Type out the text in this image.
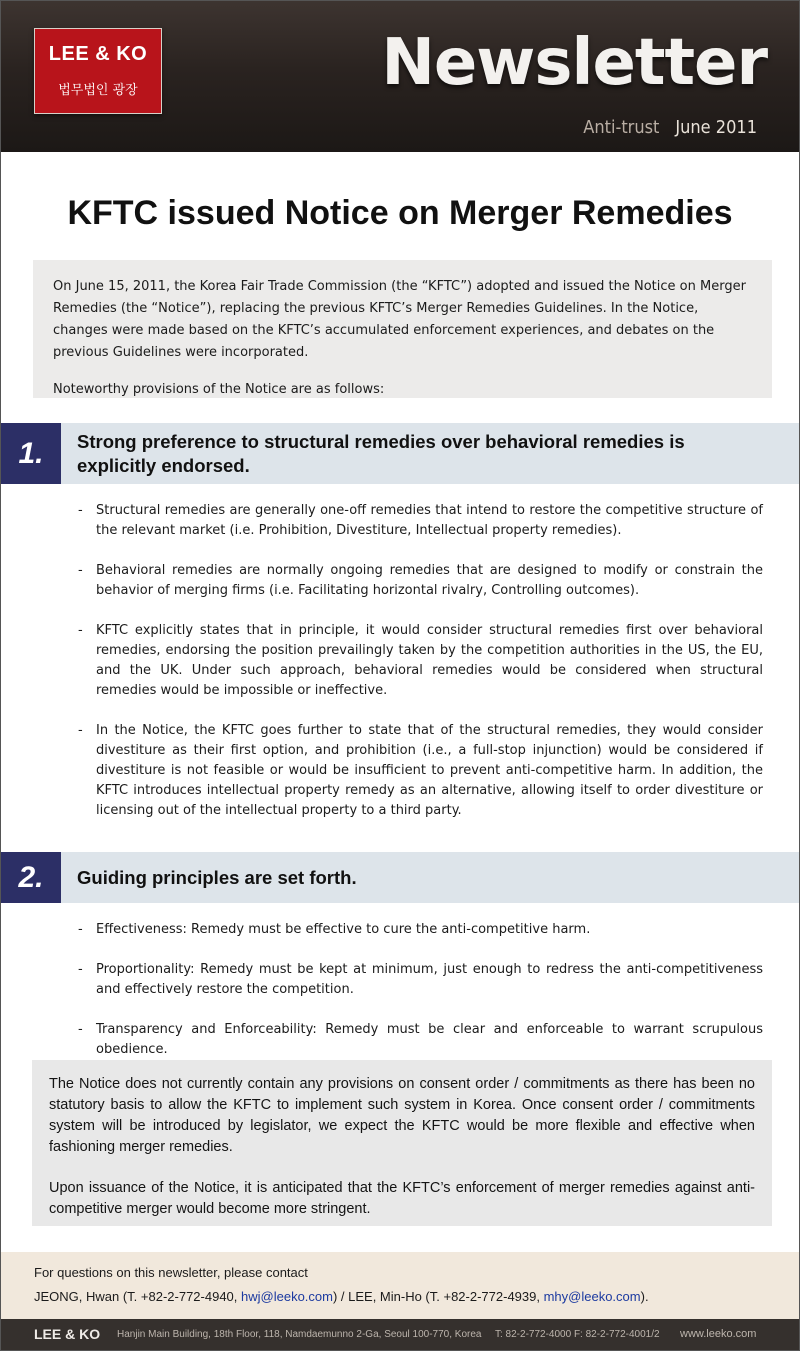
LEE & KO
법무법인 광장	Newsletter
Anti-trust June 2011
KFTC issued Notice on Merger Remedies

On June 15, 2011, the Korea Fair Trade Commission (the “KFTC”) adopted and issued the Notice on Merger Remedies (the “Notice”), replacing the previous KFTC’s Merger Remedies Guidelines. In the Notice, changes were made based on the KFTC’s accumulated enforcement experiences, and debates on the previous Guidelines were incorporated.

Noteworthy provisions of the Notice are as follows:

1.	Strong preference to structural remedies over behavioral remedies is explicitly endorsed.
- Structural remedies are generally one-off remedies that intend to restore the competitive structure of the relevant market (i.e. Prohibition, Divestiture, Intellectual property remedies).
- Behavioral remedies are normally ongoing remedies that are designed to modify or constrain the behavior of merging firms (i.e. Facilitating horizontal rivalry, Controlling outcomes).
- KFTC explicitly states that in principle, it would consider structural remedies first over behavioral remedies, endorsing the position prevailingly taken by the competition authorities in the US, the EU, and the UK. Under such approach, behavioral remedies would be considered when structural remedies would be impossible or ineffective.
- In the Notice, the KFTC goes further to state that of the structural remedies, they would consider divestiture as their first option, and prohibition (i.e., a full-stop injunction) would be considered if divestiture is not feasible or would be insufficient to prevent anti-competitive harm. In addition, the KFTC introduces intellectual property remedy as an alternative, allowing itself to order divestiture or licensing out of the intellectual property to a third party.
2.	Guiding principles are set forth.
- Effectiveness: Remedy must be effective to cure the anti-competitive harm.
- Proportionality: Remedy must be kept at minimum, just enough to redress the anti-competitiveness and effectively restore the competition.
- Transparency and Enforceability: Remedy must be clear and enforceable to warrant scrupulous obedience.

The Notice does not currently contain any provisions on consent order / commitments as there has been no statutory basis to allow the KFTC to implement such system in Korea. Once consent order / commitments system will be introduced by legislator, we expect the KFTC would be more flexible and effective when fashioning merger remedies.

Upon issuance of the Notice, it is anticipated that the KFTC’s enforcement of merger remedies against anti-competitive merger would become more stringent.

For questions on this newsletter, please contact
JEONG, Hwan (T. +82-2-772-4940, hwj@leeko.com) / LEE, Min-Ho (T. +82-2-772-4939, mhy@leeko.com).
LEE & KO Hanjin Main Building, 18th Floor, 118, Namdaemunno 2-Ga, Seoul 100-770, Korea T: 82-2-772-4000 F: 82-2-772-4001/2 www.leeko.com
